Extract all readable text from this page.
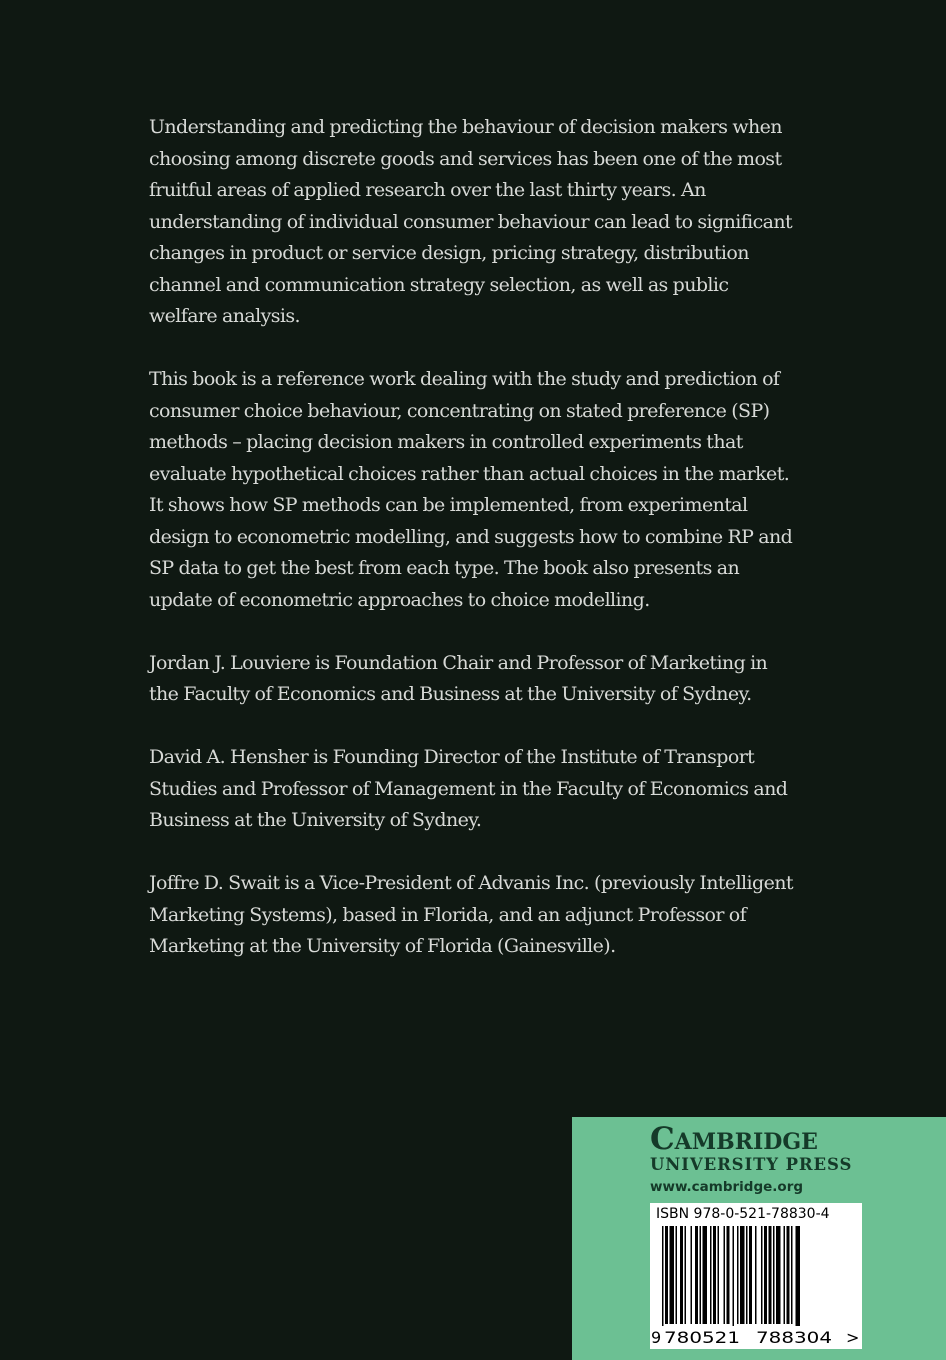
Understanding and predicting the behaviour of decision makers when choosing among discrete goods and services has been one of the most fruitful areas of applied research over the last thirty years. An understanding of individual consumer behaviour can lead to significant changes in product or service design, pricing strategy, distribution channel and communication strategy selection, as well as public welfare analysis.

This book is a reference work dealing with the study and prediction of consumer choice behaviour, concentrating on stated preference (SP) methods – placing decision makers in controlled experiments that evaluate hypothetical choices rather than actual choices in the market. It shows how SP methods can be implemented, from experimental design to econometric modelling, and suggests how to combine RP and SP data to get the best from each type. The book also presents an update of econometric approaches to choice modelling.

Jordan J. Louviere is Foundation Chair and Professor of Marketing in the Faculty of Economics and Business at the University of Sydney.

David A. Hensher is Founding Director of the Institute of Transport Studies and Professor of Management in the Faculty of Economics and Business at the University of Sydney.

Joffre D. Swait is a Vice-President of Advanis Inc. (previously Intelligent Marketing Systems), based in Florida, and an adjunct Professor of Marketing at the University of Florida (Gainesville).

Cambridge
UNIVERSITY PRESS
www.cambridge.org
ISBN 978-0-521-78830-4
9 780521 788304 >
